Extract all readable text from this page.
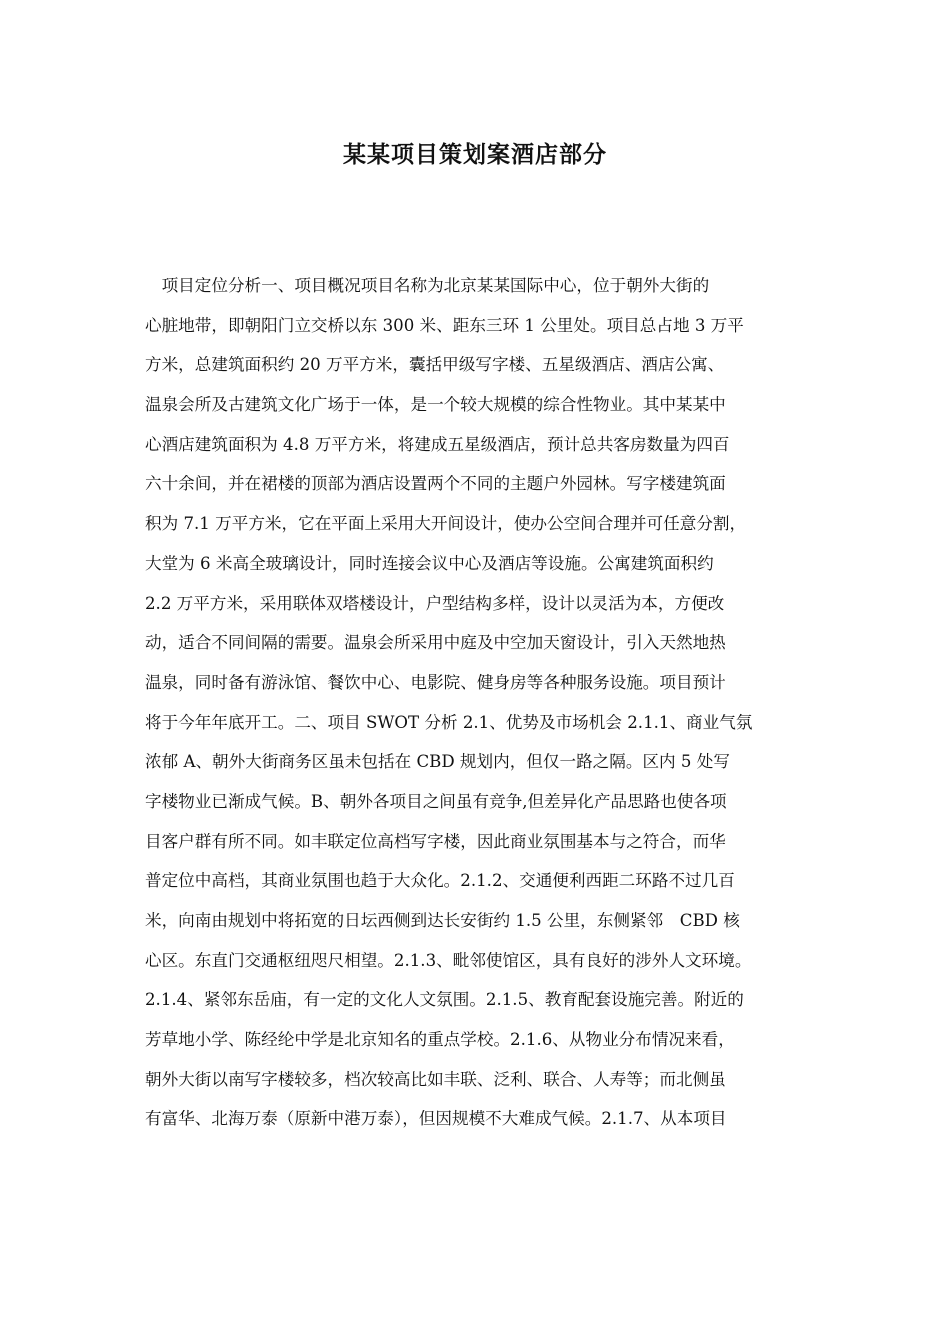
某某项目策划案酒店部分
　项目定位分析一、项目概况项目名称为北京某某国际中心，位于朝外大街的
心脏地带，即朝阳门立交桥以东 300 米、距东三环 1 公里处。项目总占地 3 万平
方米，总建筑面积约 20 万平方米，囊括甲级写字楼、五星级酒店、酒店公寓、
温泉会所及古建筑文化广场于一体，是一个较大规模的综合性物业。其中某某中
心酒店建筑面积为 4.8 万平方米，将建成五星级酒店，预计总共客房数量为四百
六十余间，并在裙楼的顶部为酒店设置两个不同的主题户外园林。写字楼建筑面
积为 7.1 万平方米，它在平面上采用大开间设计，使办公空间合理并可任意分割，
大堂为 6 米高全玻璃设计，同时连接会议中心及酒店等设施。公寓建筑面积约
2.2 万平方米，采用联体双塔楼设计，户型结构多样，设计以灵活为本，方便改
动，适合不同间隔的需要。温泉会所采用中庭及中空加天窗设计，引入天然地热
温泉，同时备有游泳馆、餐饮中心、电影院、健身房等各种服务设施。项目预计
将于今年年底开工。二、项目 SWOT 分析 2.1、优势及市场机会 2.1.1、商业气氛
浓郁 A、朝外大街商务区虽未包括在 CBD 规划内，但仅一路之隔。区内 5 处写
字楼物业已渐成气候。B、朝外各项目之间虽有竞争,但差异化产品思路也使各项
目客户群有所不同。如丰联定位高档写字楼，因此商业氛围基本与之符合，而华
普定位中高档，其商业氛围也趋于大众化。2.1.2、交通便利西距二环路不过几百
米，向南由规划中将拓宽的日坛西侧到达长安街约 1.5 公里，东侧紧邻　CBD 核
心区。东直门交通枢纽咫尺相望。2.1.3、毗邻使馆区，具有良好的涉外人文环境。
2.1.4、紧邻东岳庙，有一定的文化人文氛围。2.1.5、教育配套设施完善。附近的
芳草地小学、陈经纶中学是北京知名的重点学校。2.1.6、从物业分布情况来看，
朝外大街以南写字楼较多，档次较高比如丰联、泛利、联合、人寿等；而北侧虽
有富华、北海万泰（原新中港万泰），但因规模不大难成气候。2.1.7、从本项目
